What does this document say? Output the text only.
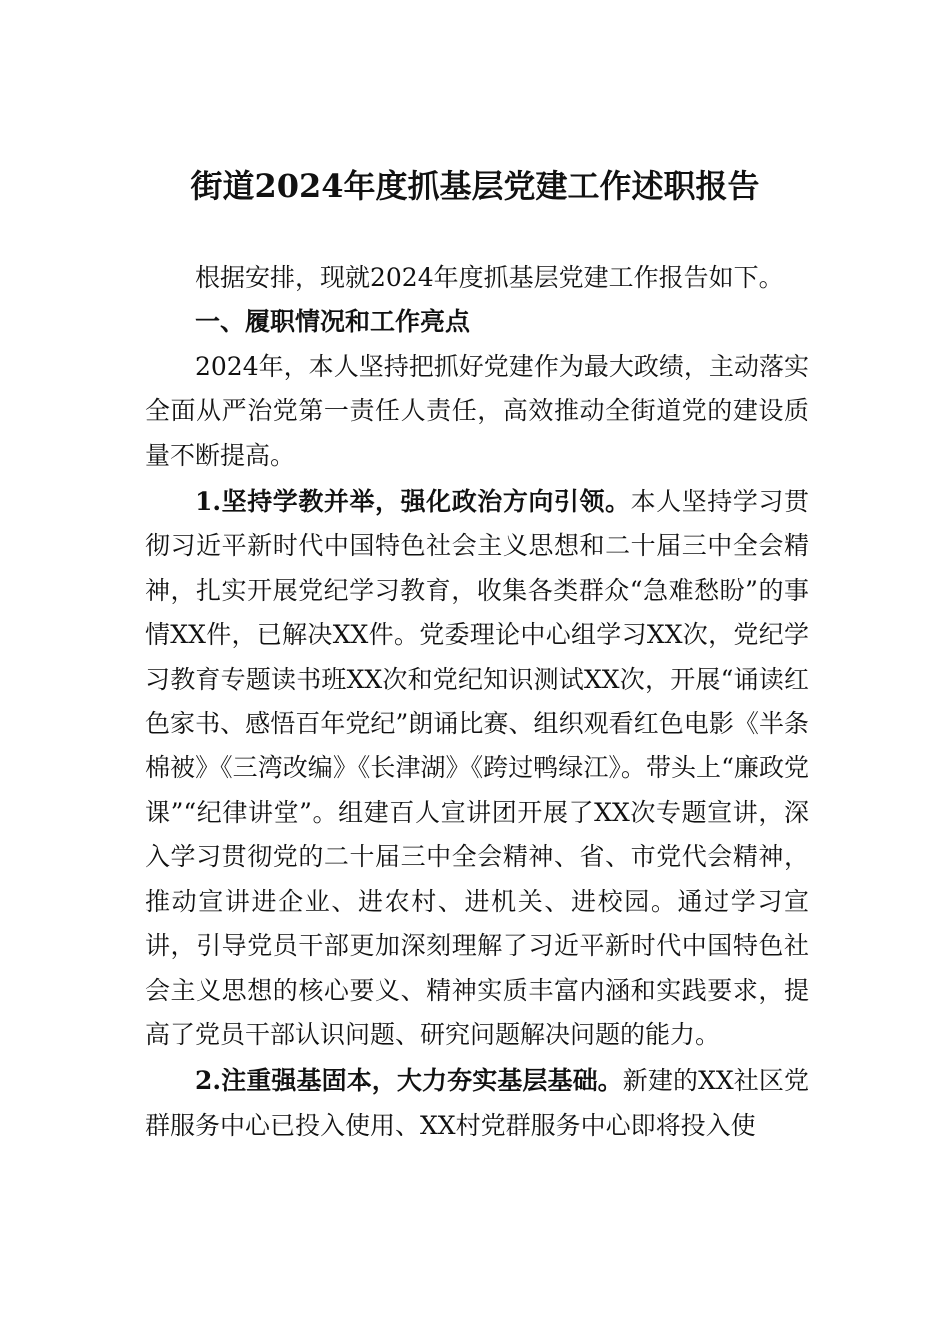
街道2024年度抓基层党建工作述职报告

根据安排，现就2024年度抓基层党建工作报告如下。

一、履职情况和工作亮点

2024年，本人坚持把抓好党建作为最大政绩，主动落实全面从严治党第一责任人责任，高效推动全街道党的建设质量不断提高。

1.坚持学教并举，强化政治方向引领。本人坚持学习贯彻习近平新时代中国特色社会主义思想和二十届三中全会精神，扎实开展党纪学习教育，收集各类群众“急难愁盼”的事情XX件，已解决XX件。党委理论中心组学习XX次，党纪学习教育专题读书班XX次和党纪知识测试XX次，开展“诵读红色家书、感悟百年党纪”朗诵比赛、组织观看红色电影《半条棉被》《三湾改编》《长津湖》《跨过鸭绿江》。带头上“廉政党课”“纪律讲堂”。组建百人宣讲团开展了XX次专题宣讲，深入学习贯彻党的二十届三中全会精神、省、市党代会精神，推动宣讲进企业、进农村、进机关、进校园。通过学习宣讲，引导党员干部更加深刻理解了习近平新时代中国特色社会主义思想的核心要义、精神实质丰富内涵和实践要求，提高了党员干部认识问题、研究问题解决问题的能力。

2.注重强基固本，大力夯实基层基础。新建的XX社区党群服务中心已投入使用、XX村党群服务中心即将投入使
